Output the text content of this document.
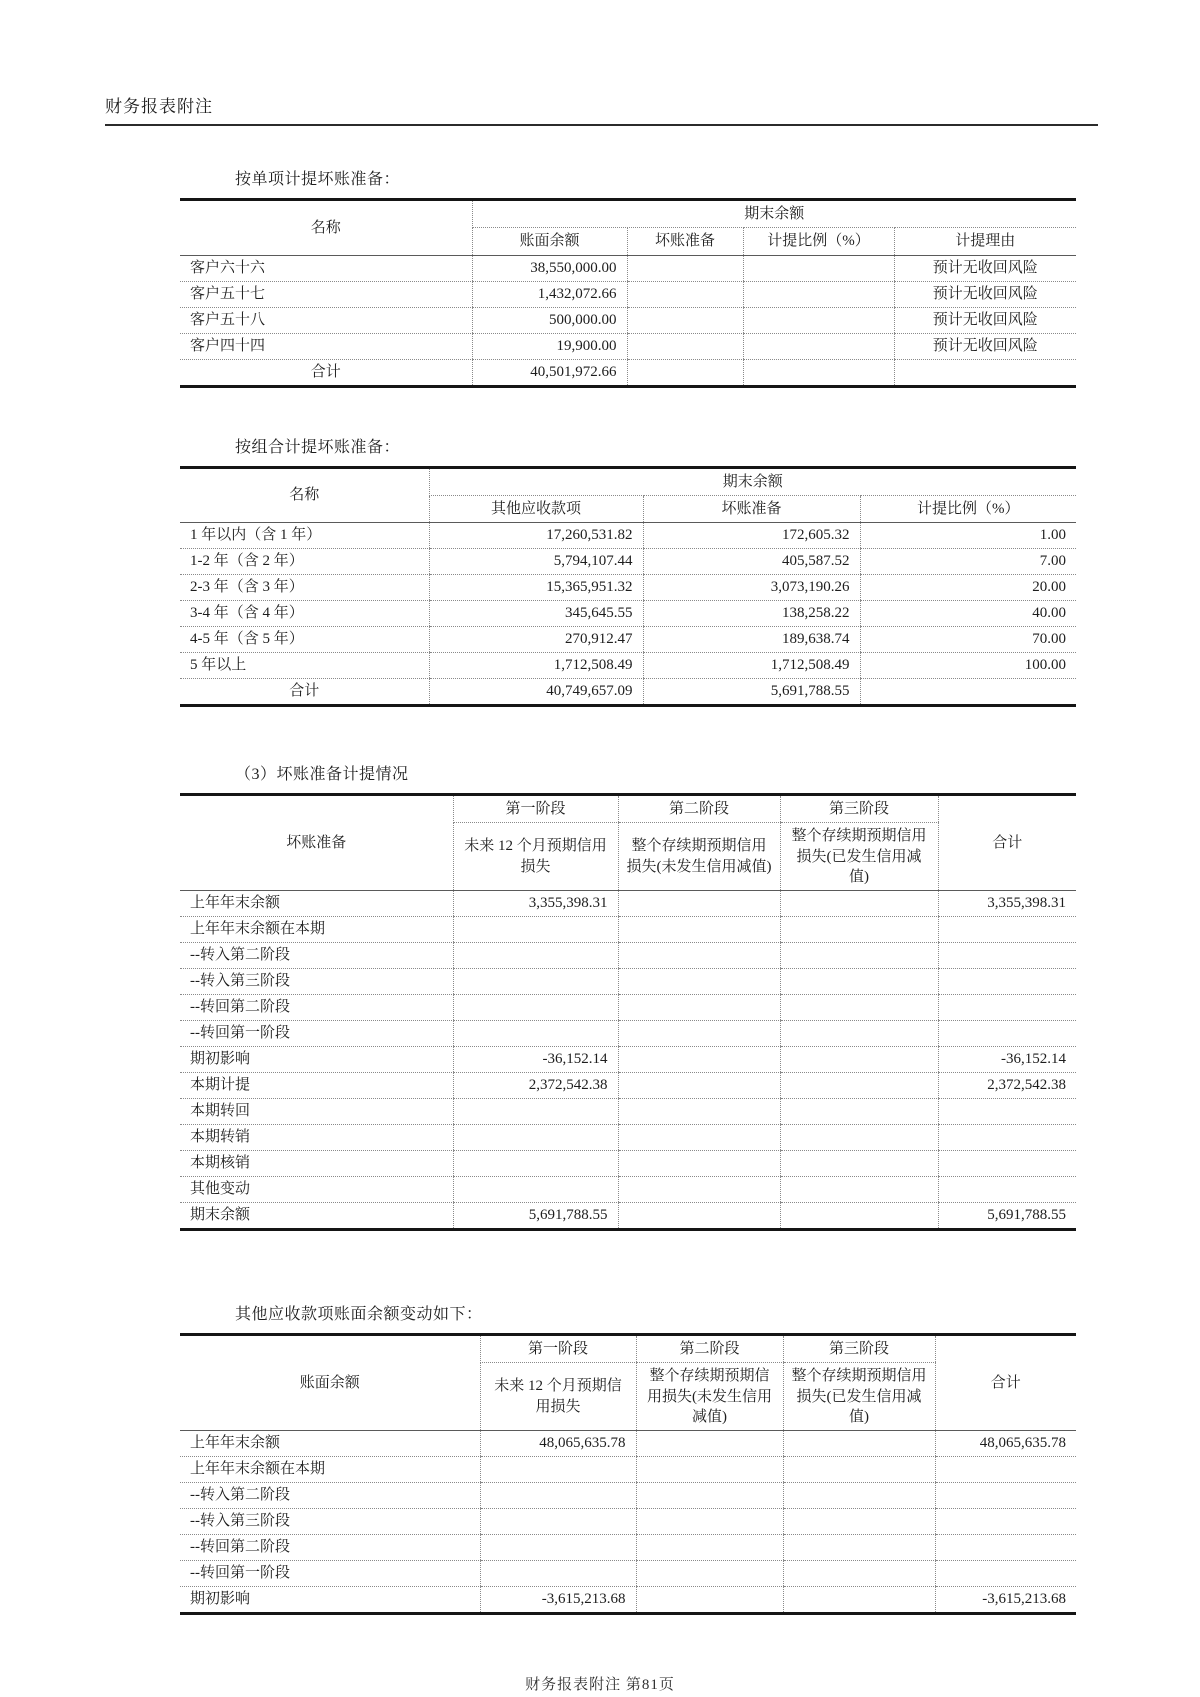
财务报表附注

按单项计提坏账准备：

名称	期末余额			
	账面余额	坏账准备	计提比例（%）	计提理由
客户六十六	38,550,000.00			预计无收回风险
客户五十七	1,432,072.66			预计无收回风险
客户五十八	500,000.00			预计无收回风险
客户四十四	19,900.00			预计无收回风险
合计	40,501,972.66			

按组合计提坏账准备：

名称	期末余额		
	其他应收款项	坏账准备	计提比例（%）
1 年以内（含 1 年）	17,260,531.82	172,605.32	1.00
1-2 年（含 2 年）	5,794,107.44	405,587.52	7.00
2-3 年（含 3 年）	15,365,951.32	3,073,190.26	20.00
3-4 年（含 4 年）	345,645.55	138,258.22	40.00
4-5 年（含 5 年）	270,912.47	189,638.74	70.00
5 年以上	1,712,508.49	1,712,508.49	100.00
合计	40,749,657.09	5,691,788.55	

（3）坏账准备计提情况

坏账准备	第一阶段	第二阶段	第三阶段	合计
	未来 12 个月预期信用损失	整个存续期预期信用损失(未发生信用减值)	整个存续期预期信用损失(已发生信用减值)	
上年年末余额	3,355,398.31			3,355,398.31
上年年末余额在本期				
--转入第二阶段				
--转入第三阶段				
--转回第二阶段				
--转回第一阶段				
期初影响	-36,152.14			-36,152.14
本期计提	2,372,542.38			2,372,542.38
本期转回				
本期转销				
本期核销				
其他变动				
期末余额	5,691,788.55			5,691,788.55

其他应收款项账面余额变动如下：

账面余额	第一阶段	第二阶段	第三阶段	合计
	未来 12 个月预期信用损失	整个存续期预期信用损失(未发生信用减值)	整个存续期预期信用损失(已发生信用减值)	
上年年末余额	48,065,635.78			48,065,635.78
上年年末余额在本期				
--转入第二阶段				
--转入第三阶段				
--转回第二阶段				
--转回第一阶段				
期初影响	-3,615,213.68			-3,615,213.68
财务报表附注 第81页
